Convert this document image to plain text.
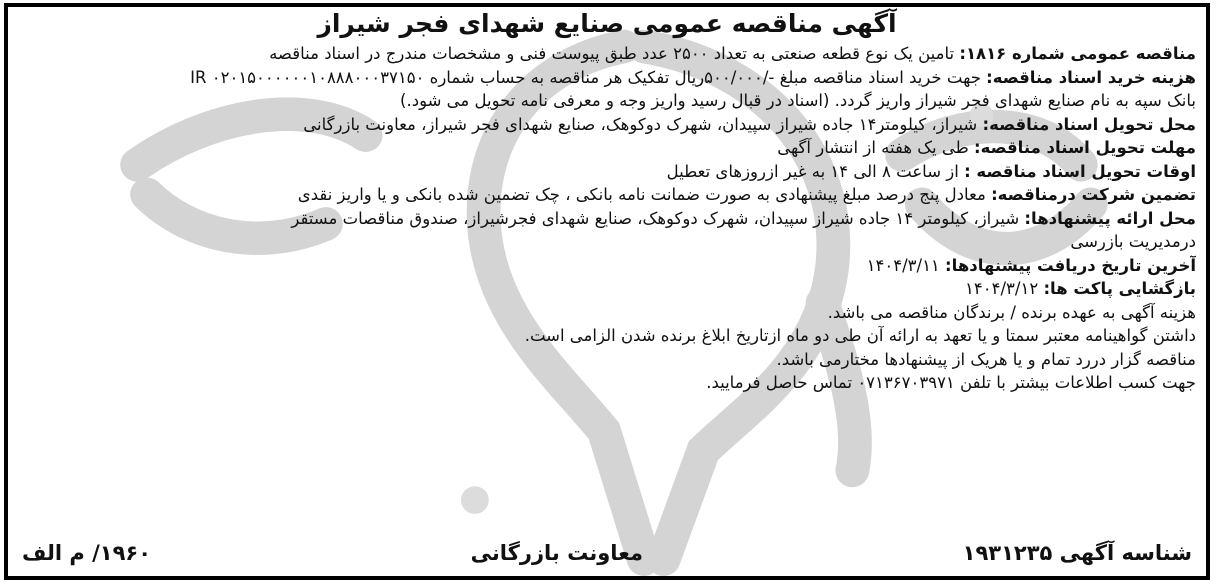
آگهی مناقصه عمومی صنایع شهدای فجر شیراز
مناقصه عمومی شماره ۱۸۱۶: تامین یک نوع قطعه صنعتی به تعداد ۲۵۰۰ عدد طبق پیوست فنی و مشخصات مندرج در اسناد مناقصه
هزینه خرید اسناد مناقصه: جهت خرید اسناد مناقصه مبلغ -/۵۰۰/۰۰۰ریال تفکیک هر مناقصه به حساب شماره IR ۰۲۰۱۵۰۰۰۰۰۰۱۰۸۸۸۰۰۰۳۷۱۵۰
بانک سپه به نام صنایع شهدای فجر شیراز واریز گردد. (اسناد در قبال رسید واریز وجه و معرفی نامه تحویل می شود.)
محل تحویل اسناد مناقصه: شیراز، کیلومتر۱۴ جاده شیراز سپیدان، شهرک دوکوهک، صنایع شهدای فجر شیراز، معاونت بازرگانی
مهلت تحویل اسناد مناقصه: طی یک هفته از انتشار آگهی
اوقات تحویل اسناد مناقصه : از ساعت ۸ الی ۱۴ به غیر ازروزهای تعطیل
تضمین شرکت درمناقصه: معادل پنج درصد مبلغ پیشنهادی به صورت ضمانت نامه بانکی ، چک تضمین شده بانکی و یا واریز نقدی
محل ارائه پیشنهادها: شیراز، کیلومتر ۱۴ جاده شیراز سپیدان، شهرک دوکوهک، صنایع شهدای فجرشیراز، صندوق مناقصات مستقر
درمدیریت بازرسی
آخرین تاریخ دریافت پیشنهادها: ۱۴۰۴/۳/۱۱
بازگشایی پاکت ها: ۱۴۰۴/۳/۱۲
هزینه آگهی به عهده برنده / برندگان مناقصه می باشد.
داشتن گواهینامه معتبر سمتا و یا تعهد به ارائه آن طی دو ماه ازتاریخ ابلاغ برنده شدن الزامی است.
مناقصه گزار دررد تمام و یا هریک از پیشنهادها مختارمی باشد.
جهت کسب اطلاعات بیشتر با تلفن ۰۷۱۳۶۷۰۳۹۷۱ تماس حاصل فرمایید.
شناسه آگهی ۱۹۳۱۲۳۵
معاونت بازرگانی
۱۹۶۰/ م الف
